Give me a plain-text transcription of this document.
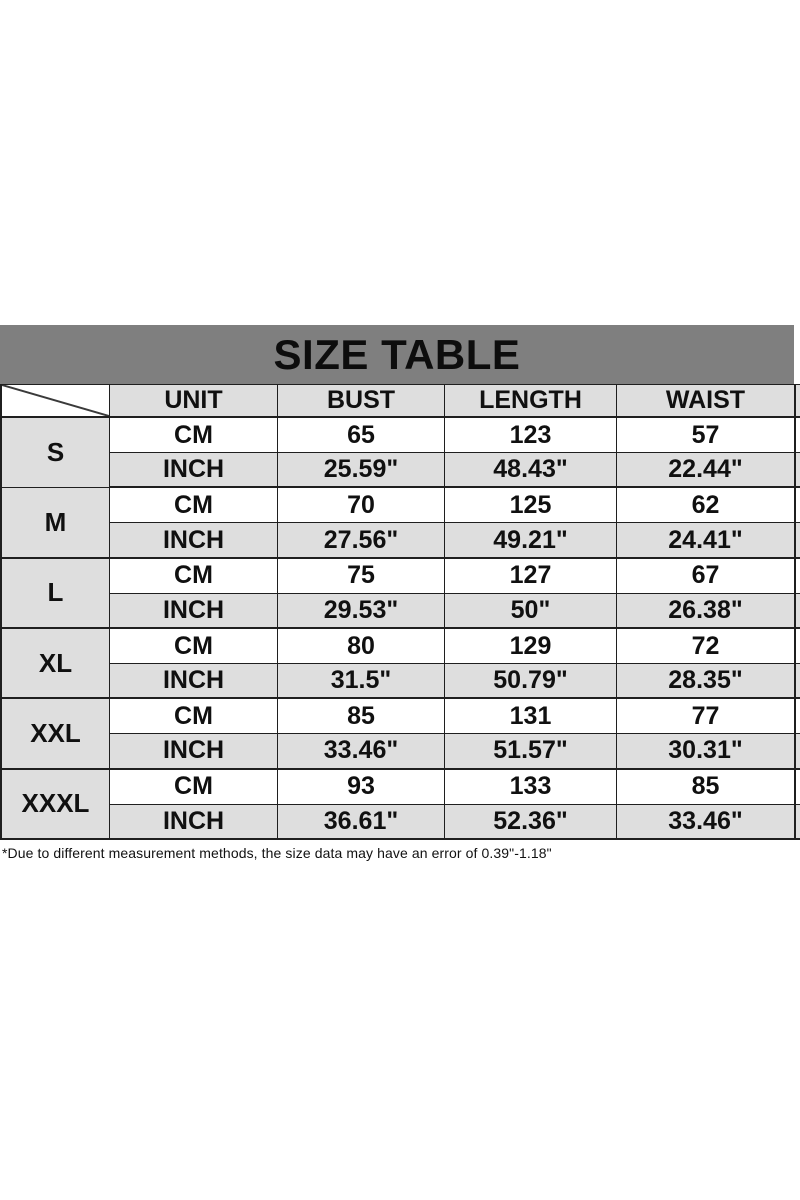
SIZE TABLE
UNIT	BUST	LENGTH	WAIST
S
CM	65	123	57
INCH	25.59"	48.43"	22.44"
M
CM	70	125	62
INCH	27.56"	49.21"	24.41"
L
CM	75	127	67
INCH	29.53"	50"	26.38"
XL
CM	80	129	72
INCH	31.5"	50.79"	28.35"
XXL
CM	85	131	77
INCH	33.46"	51.57"	30.31"
XXXL
CM	93	133	85
INCH	36.61"	52.36"	33.46"
*Due to different measurement methods, the size data may have an error of 0.39"-1.18"
